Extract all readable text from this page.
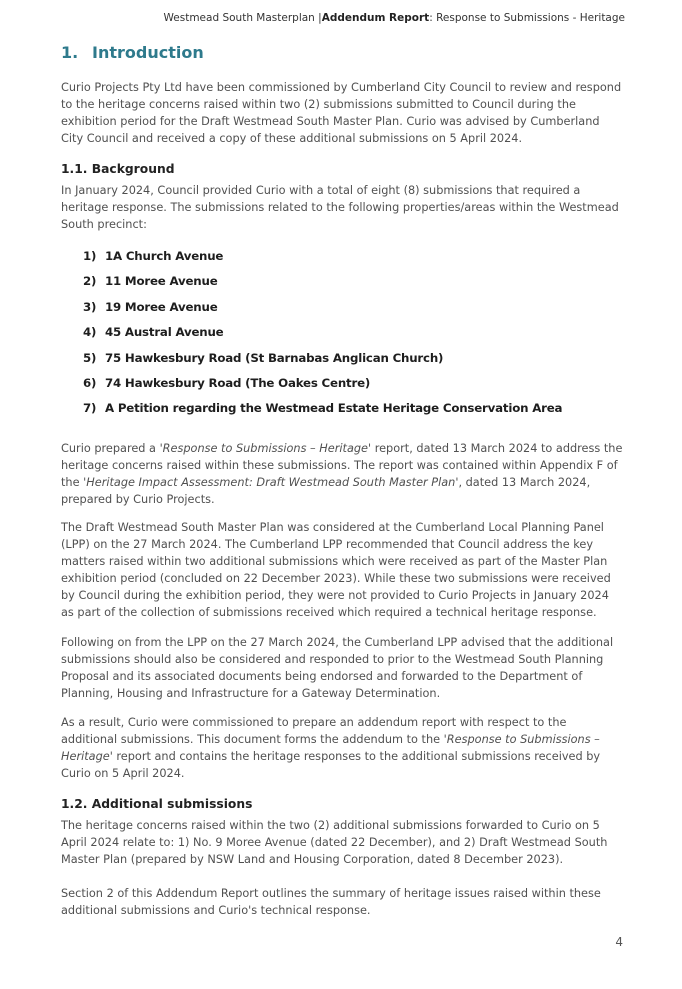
Westmead South Masterplan |Addendum Report: Response to Submissions - Heritage
1. Introduction

Curio Projects Pty Ltd have been commissioned by Cumberland City Council to review and respond to the heritage concerns raised within two (2) submissions submitted to Council during the exhibition period for the Draft Westmead South Master Plan. Curio was advised by Cumberland City Council and received a copy of these additional submissions on 5 April 2024.

1.1. Background

In January 2024, Council provided Curio with a total of eight (8) submissions that required a heritage response. The submissions related to the following properties/areas within the Westmead South precinct:

1) 1A Church Avenue
2) 11 Moree Avenue
3) 19 Moree Avenue
4) 45 Austral Avenue
5) 75 Hawkesbury Road (St Barnabas Anglican Church)
6) 74 Hawkesbury Road (The Oakes Centre)
7) A Petition regarding the Westmead Estate Heritage Conservation Area

Curio prepared a 'Response to Submissions – Heritage' report, dated 13 March 2024 to address the heritage concerns raised within these submissions. The report was contained within Appendix F of the 'Heritage Impact Assessment: Draft Westmead South Master Plan', dated 13 March 2024, prepared by Curio Projects.

The Draft Westmead South Master Plan was considered at the Cumberland Local Planning Panel (LPP) on the 27 March 2024. The Cumberland LPP recommended that Council address the key matters raised within two additional submissions which were received as part of the Master Plan exhibition period (concluded on 22 December 2023). While these two submissions were received by Council during the exhibition period, they were not provided to Curio Projects in January 2024 as part of the collection of submissions received which required a technical heritage response.

Following on from the LPP on the 27 March 2024, the Cumberland LPP advised that the additional submissions should also be considered and responded to prior to the Westmead South Planning Proposal and its associated documents being endorsed and forwarded to the Department of Planning, Housing and Infrastructure for a Gateway Determination.

As a result, Curio were commissioned to prepare an addendum report with respect to the additional submissions. This document forms the addendum to the 'Response to Submissions – Heritage' report and contains the heritage responses to the additional submissions received by Curio on 5 April 2024.

1.2. Additional submissions

The heritage concerns raised within the two (2) additional submissions forwarded to Curio on 5 April 2024 relate to: 1) No. 9 Moree Avenue (dated 22 December), and 2) Draft Westmead South Master Plan (prepared by NSW Land and Housing Corporation, dated 8 December 2023).

Section 2 of this Addendum Report outlines the summary of heritage issues raised within these additional submissions and Curio's technical response.

4
